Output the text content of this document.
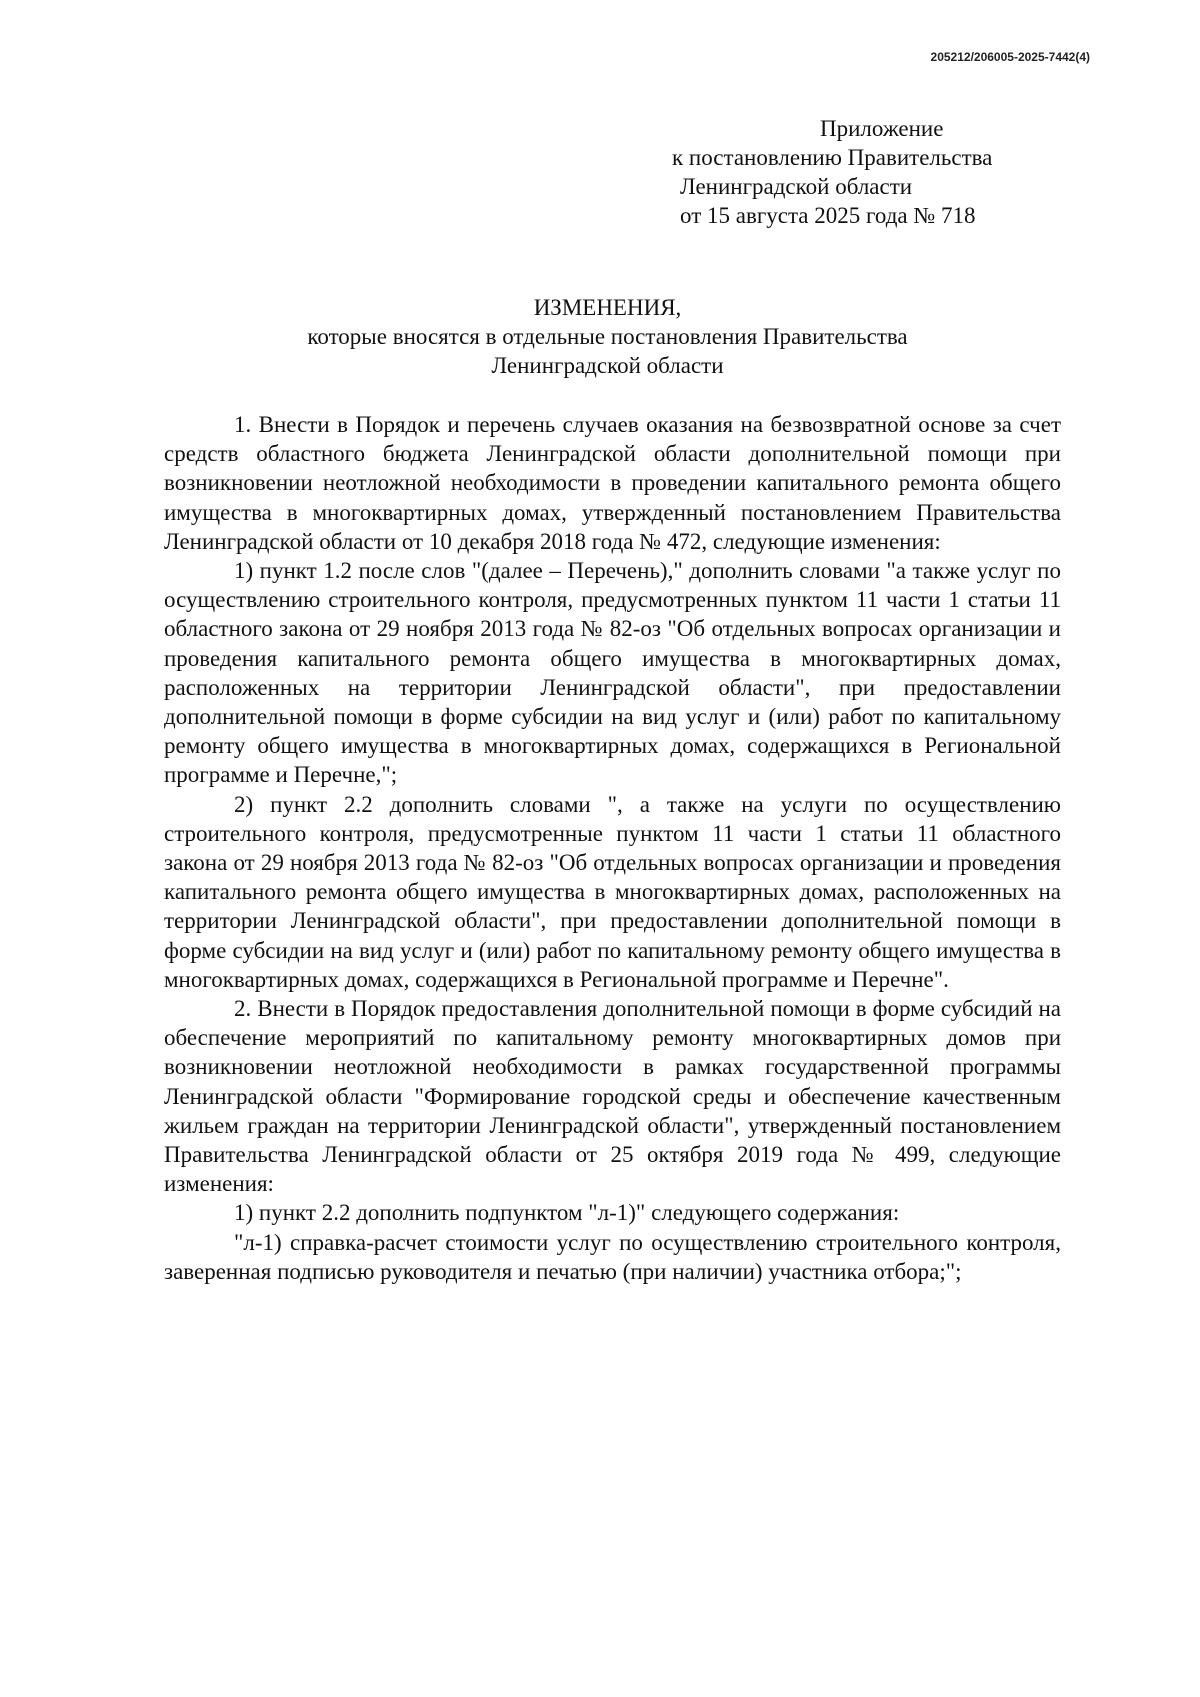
205212/206005-2025-7442(4)
Приложение
к постановлению Правительства
Ленинградской области
от 15 августа 2025 года № 718
ИЗМЕНЕНИЯ,
которые вносятся в отдельные постановления Правительства
Ленинградской области

1. Внести в Порядок и перечень случаев оказания на безвозвратной основе за счет средств областного бюджета Ленинградской области дополнительной помощи при возникновении неотложной необходимости в проведении капитального ремонта общего имущества в многоквартирных домах, утвержденный постановлением Правительства Ленинградской области от 10 декабря 2018 года № 472, следующие изменения:

1) пункт 1.2 после слов "(далее – Перечень)," дополнить словами "а также услуг по осуществлению строительного контроля, предусмотренных пунктом 11 части 1 статьи 11 областного закона от 29 ноября 2013 года № 82-оз "Об отдельных вопросах организации и проведения капитального ремонта общего имущества в многоквартирных домах, расположенных на территории Ленинградской области", при предоставлении дополнительной помощи в форме субсидии на вид услуг и (или) работ по капитальному ремонту общего имущества в многоквартирных домах, содержащихся в Региональной программе и Перечне,";

2) пункт 2.2 дополнить словами ", а также на услуги по осуществлению строительного контроля, предусмотренные пунктом 11 части 1 статьи 11 областного закона от 29 ноября 2013 года № 82-оз "Об отдельных вопросах организации и проведения капитального ремонта общего имущества в многоквартирных домах, расположенных на территории Ленинградской области", при предоставлении дополнительной помощи в форме субсидии на вид услуг и (или) работ по капитальному ремонту общего имущества в многоквартирных домах, содержащихся в Региональной программе и Перечне".

2. Внести в Порядок предоставления дополнительной помощи в форме субсидий на обеспечение мероприятий по капитальному ремонту многоквартирных домов при возникновении неотложной необходимости в рамках государственной программы Ленинградской области "Формирование городской среды и обеспечение качественным жильем граждан на территории Ленинградской области", утвержденный постановлением Правительства Ленинградской области от 25 октября 2019 года № 499, следующие изменения:

1) пункт 2.2 дополнить подпунктом "л-1)" следующего содержания:

"л-1) справка-расчет стоимости услуг по осуществлению строительного контроля, заверенная подписью руководителя и печатью (при наличии) участника отбора;";
